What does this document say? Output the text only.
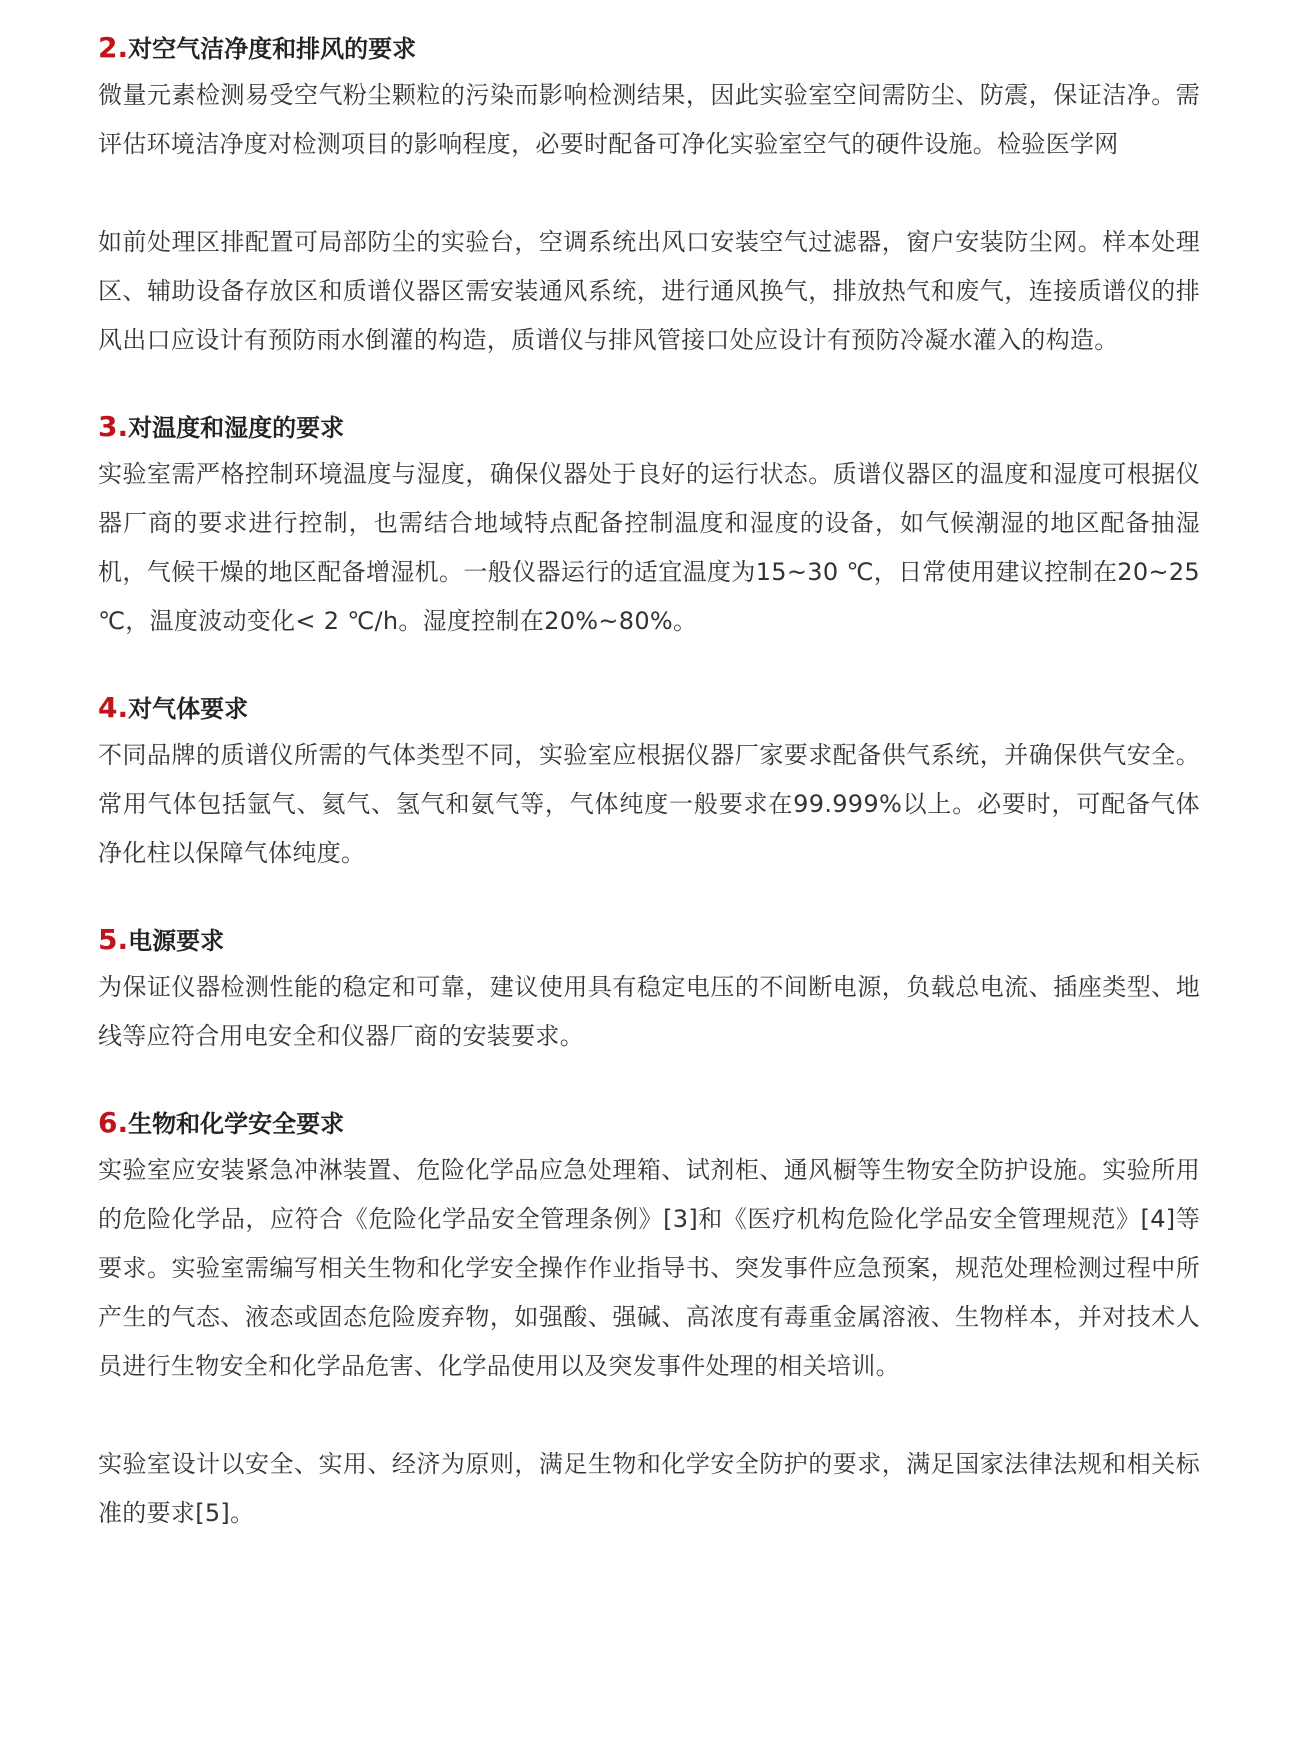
2.对空气洁净度和排风的要求

微量元素检测易受空气粉尘颗粒的污染而影响检测结果，因此实验室空间需防尘、防震，保证洁净。需评估环境洁净度对检测项目的影响程度，必要时配备可净化实验室空气的硬件设施。检验医学网

如前处理区排配置可局部防尘的实验台，空调系统出风口安装空气过滤器，窗户安装防尘网。样本处理区、辅助设备存放区和质谱仪器区需安装通风系统，进行通风换气，排放热气和废气，连接质谱仪的排风出口应设计有预防雨水倒灌的构造，质谱仪与排风管接口处应设计有预防冷凝水灌入的构造。

3.对温度和湿度的要求

实验室需严格控制环境温度与湿度，确保仪器处于良好的运行状态。质谱仪器区的温度和湿度可根据仪器厂商的要求进行控制，也需结合地域特点配备控制温度和湿度的设备，如气候潮湿的地区配备抽湿机，气候干燥的地区配备增湿机。一般仪器运行的适宜温度为15~30 ℃，日常使用建议控制在20~25 ℃，温度波动变化< 2 ℃/h。湿度控制在20%~80%。

4.对气体要求

不同品牌的质谱仪所需的气体类型不同，实验室应根据仪器厂家要求配备供气系统，并确保供气安全。常用气体包括氩气、氦气、氢气和氨气等，气体纯度一般要求在99.999%以上。必要时，可配备气体净化柱以保障气体纯度。

5.电源要求

为保证仪器检测性能的稳定和可靠，建议使用具有稳定电压的不间断电源，负载总电流、插座类型、地线等应符合用电安全和仪器厂商的安装要求。

6.生物和化学安全要求

实验室应安装紧急冲淋装置、危险化学品应急处理箱、试剂柜、通风橱等生物安全防护设施。实验所用的危险化学品，应符合《危险化学品安全管理条例》[3]和《医疗机构危险化学品安全管理规范》[4]等要求。实验室需编写相关生物和化学安全操作作业指导书、突发事件应急预案，规范处理检测过程中所产生的气态、液态或固态危险废弃物，如强酸、强碱、高浓度有毒重金属溶液、生物样本，并对技术人员进行生物安全和化学品危害、化学品使用以及突发事件处理的相关培训。

实验室设计以安全、实用、经济为原则，满足生物和化学安全防护的要求，满足国家法律法规和相关标准的要求[5]。
